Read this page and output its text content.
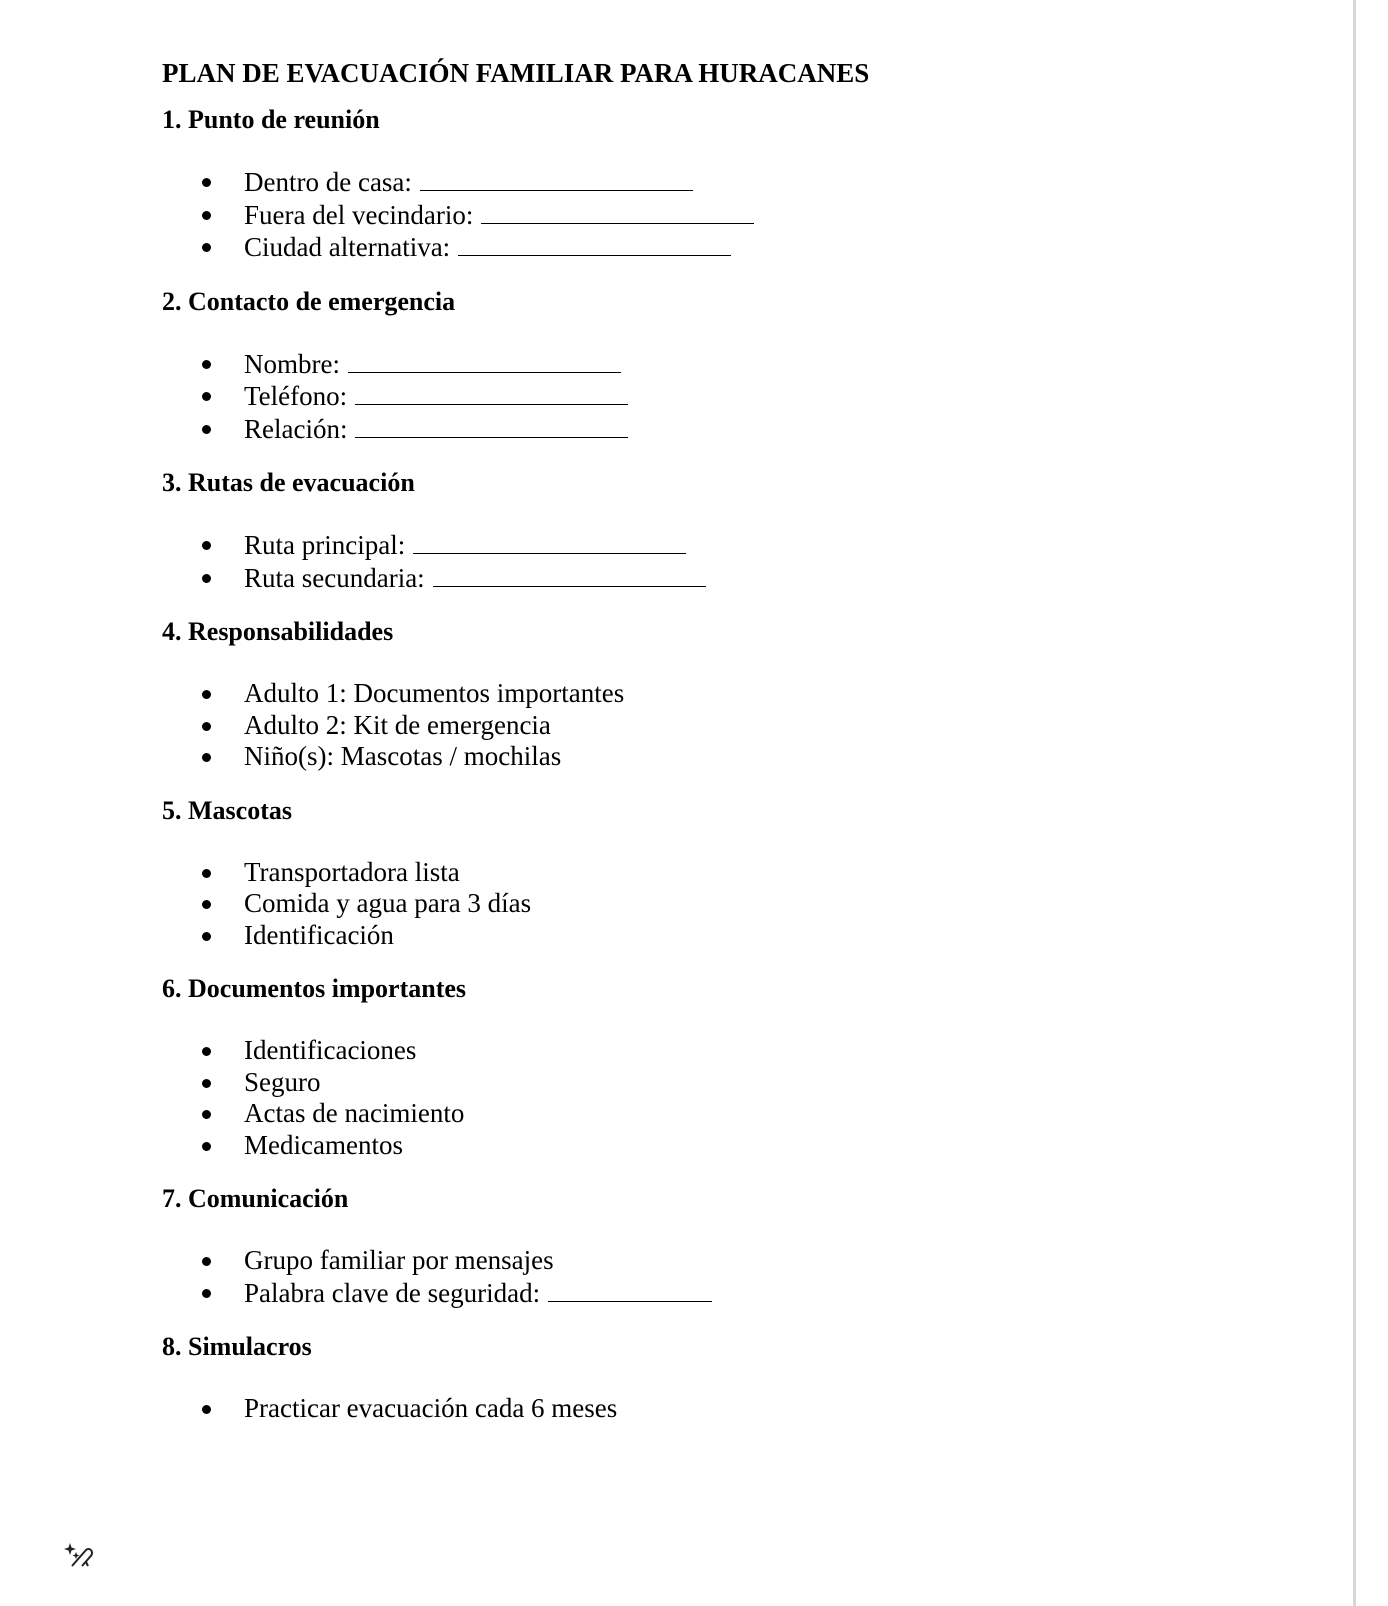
PLAN DE EVACUACIÓN FAMILIAR PARA HURACANES
1. Punto de reunión
Dentro de casa:
Fuera del vecindario:
Ciudad alternativa:
2. Contacto de emergencia
Nombre:
Teléfono:
Relación:
3. Rutas de evacuación
Ruta principal:
Ruta secundaria:
4. Responsabilidades
Adulto 1: Documentos importantes
Adulto 2: Kit de emergencia
Niño(s): Mascotas / mochilas
5. Mascotas
Transportadora lista
Comida y agua para 3 días
Identificación
6. Documentos importantes
Identificaciones
Seguro
Actas de nacimiento
Medicamentos
7. Comunicación
Grupo familiar por mensajes
Palabra clave de seguridad:
8. Simulacros
Practicar evacuación cada 6 meses
